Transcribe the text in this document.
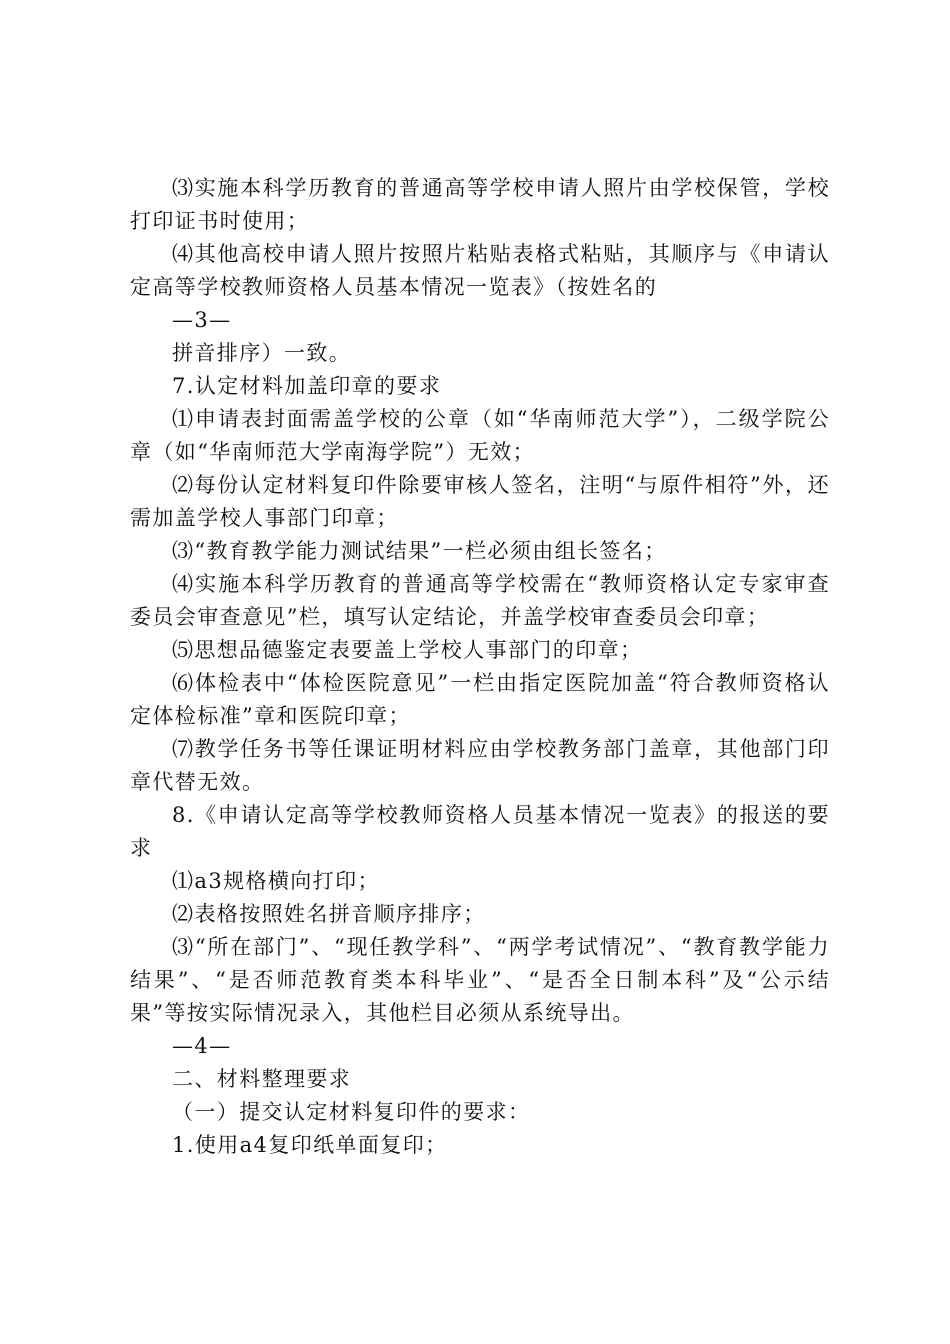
⑶实施本科学历教育的普通高等学校申请人照片由学校保管，学校打印证书时使用；

⑷其他高校申请人照片按照片粘贴表格式粘贴，其顺序与《申请认定高等学校教师资格人员基本情况一览表》（按姓名的

—3—

拼音排序）一致。

7.认定材料加盖印章的要求

⑴申请表封面需盖学校的公章（如“华南师范大学”），二级学院公章（如“华南师范大学南海学院”）无效；

⑵每份认定材料复印件除要审核人签名，注明“与原件相符”外，还需加盖学校人事部门印章；

⑶“教育教学能力测试结果”一栏必须由组长签名；

⑷实施本科学历教育的普通高等学校需在“教师资格认定专家审查委员会审查意见”栏，填写认定结论，并盖学校审查委员会印章；

⑸思想品德鉴定表要盖上学校人事部门的印章；

⑹体检表中“体检医院意见”一栏由指定医院加盖“符合教师资格认定体检标准”章和医院印章；

⑺教学任务书等任课证明材料应由学校教务部门盖章，其他部门印章代替无效。

8.《申请认定高等学校教师资格人员基本情况一览表》的报送的要求

⑴a3规格横向打印；

⑵表格按照姓名拼音顺序排序；

⑶“所在部门”、“现任教学科”、“两学考试情况”、“教育教学能力结果”、“是否师范教育类本科毕业”、“是否全日制本科”及“公示结果”等按实际情况录入，其他栏目必须从系统导出。

—4—

二、材料整理要求

（一）提交认定材料复印件的要求：

1.使用a4复印纸单面复印；
